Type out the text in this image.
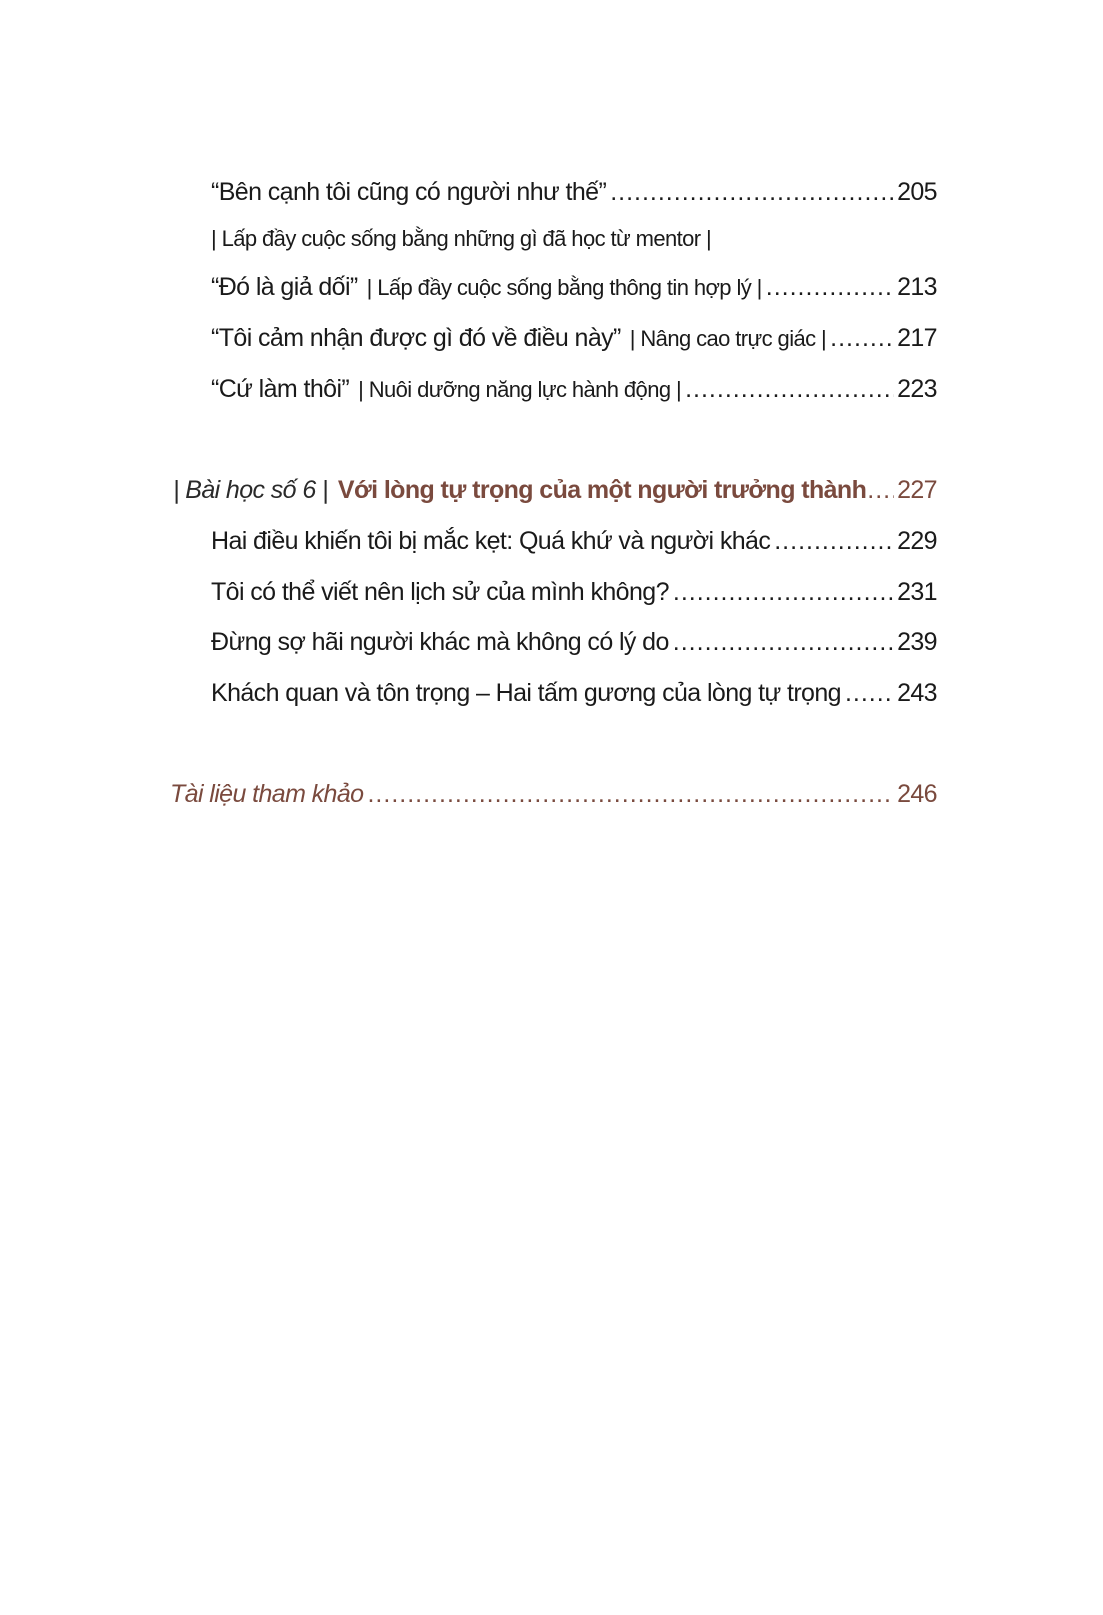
“Bên cạnh tôi cũng có người như thế” .....	205
| Lấp đầy cuộc sống bằng những gì đã học từ mentor |
“Đó là giả dối” | Lấp đầy cuộc sống bằng thông tin hợp lý | .....	213
“Tôi cảm nhận được gì đó về điều này” | Nâng cao trực giác | .....	217
“Cứ làm thôi” | Nuôi dưỡng năng lực hành động | .....	223
| Bài học số 6 | Với lòng tự trọng của một người trưởng thành ..... 227
Hai điều khiến tôi bị mắc kẹt: Quá khứ và người khác .....	229
Tôi có thể viết nên lịch sử của mình không? .....	231
Đừng sợ hãi người khác mà không có lý do .....	239
Khách quan và tôn trọng – Hai tấm gương của lòng tự trọng ..... 243
Tài liệu tham khảo .....	246
